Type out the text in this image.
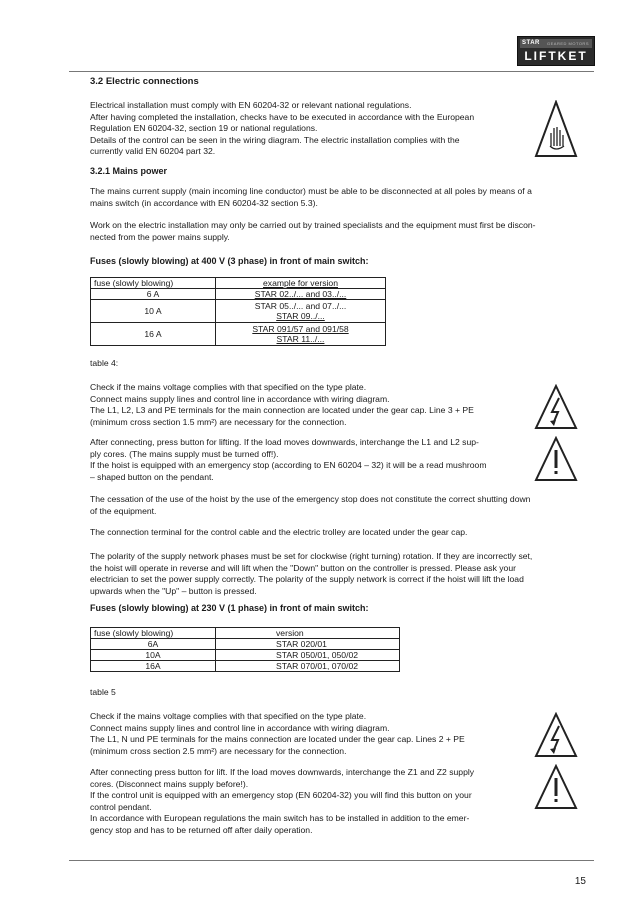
STAR GEARED MOTORS
LIFTKET
3.2 Electric connections
Electrical installation must comply with EN 60204-32 or relevant national regulations.
After having completed the installation, checks have to be executed in accordance with the European
Regulation EN 60204-32, section 19 or national regulations.
Details of the control can be seen in the wiring diagram. The electric installation complies with the
currently valid EN 60204 part 32.
3.2.1 Mains power
The mains current supply (main incoming line conductor) must be able to be disconnected at all poles by means of a
mains switch (in accordance with EN 60204-32 section 5.3).
Work on the electric installation may only be carried out by trained specialists and the equipment must first be discon-
nected from the power mains supply.
Fuses (slowly blowing) at 400 V (3 phase) in front of main switch:
fuse (slowly blowing)	example for version
6 A	STAR 02../... and 03../...
10 A	STAR 05../... and 07../...
STAR 09../...

16 A	STAR 091/57 and 091/58
STAR 11../...
table 4:
Check if the mains voltage complies with that specified on the type plate.
Connect mains supply lines and control line in accordance with wiring diagram.
The L1, L2, L3 and PE terminals for the main connection are located under the gear cap. Line 3 + PE
(minimum cross section 1.5 mm²) are necessary for the connection.
After connecting, press button for lifting. If the load moves downwards, interchange the L1 and L2 sup-
ply cores. (The mains supply must be turned off!).
If the hoist is equipped with an emergency stop (according to EN 60204 – 32) it will be a read mushroom
– shaped button on the pendant.
The cessation of the use of the hoist by the use of the emergency stop does not constitute the correct shutting down
of the equipment.
The connection terminal for the control cable and the electric trolley are located under the gear cap.
The polarity of the supply network phases must be set for clockwise (right turning) rotation. If they are incorrectly set,
the hoist will operate in reverse and will lift when the "Down" button on the controller is pressed. Please ask your
electrician to set the power supply correctly. The polarity of the supply network is correct if the hoist will lift the load
upwards when the "Up" – button is pressed.
Fuses (slowly blowing) at 230 V (1 phase) in front of main switch:
fuse (slowly blowing)	version
6A	STAR 020/01
10A	STAR 050/01, 050/02
16A	STAR 070/01, 070/02
table 5
Check if the mains voltage complies with that specified on the type plate.
Connect mains supply lines and control line in accordance with wiring diagram.
The L1, N und PE terminals for the mains connection are located under the gear cap. Lines 2 + PE
(minimum cross section 2.5 mm²) are necessary for the connection.
After connecting press button for lift. If the load moves downwards, interchange the Z1 and Z2 supply
cores. (Disconnect mains supply before!).
If the control unit is equipped with an emergency stop (EN 60204-32) you will find this button on your
control pendant.
In accordance with European regulations the main switch has to be installed in addition to the emer-
gency stop and has to be returned off after daily operation.
15
